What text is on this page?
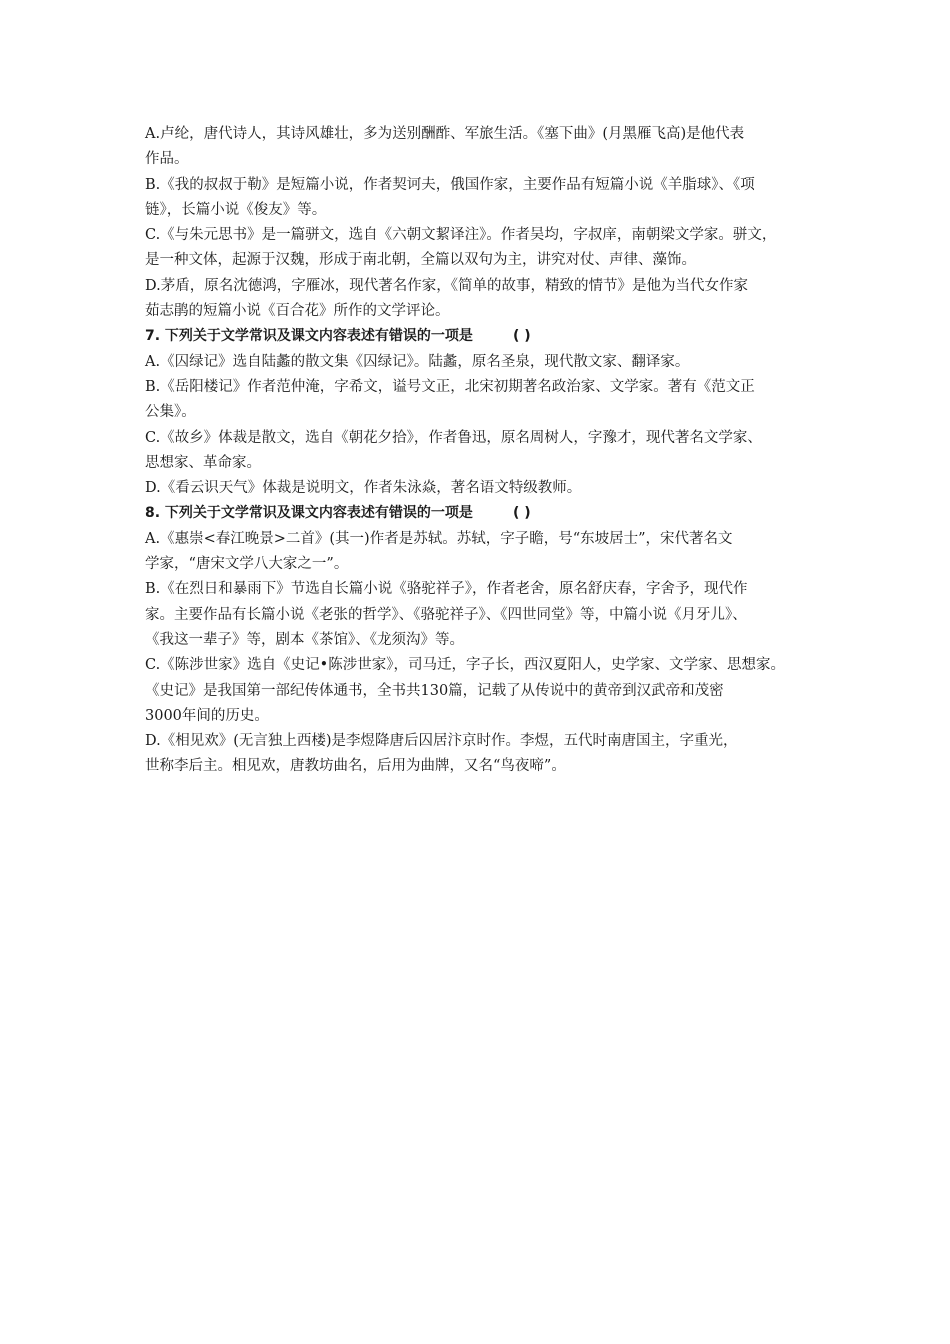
A.卢纶，唐代诗人，其诗风雄壮，多为送别酬酢、军旅生活。《塞下曲》(月黑雁飞高)是他代表
作品。
B.《我的叔叔于勒》是短篇小说，作者契诃夫，俄国作家，主要作品有短篇小说《羊脂球》、《项
链》，长篇小说《俊友》等。
C.《与朱元思书》是一篇骈文，选自《六朝文絜译注》。作者吴均，字叔庠，南朝梁文学家。骈文，
是一种文体，起源于汉魏，形成于南北朝，全篇以双句为主，讲究对仗、声律、藻饰。
D.茅盾，原名沈德鸿，字雁冰，现代著名作家，《简单的故事，精致的情节》是他为当代女作家
茹志鹃的短篇小说《百合花》所作的文学评论。
7. 下列关于文学常识及课文内容表述有错误的一项是	( )
A.《囚绿记》选自陆蠡的散文集《囚绿记》。陆蠡，原名圣泉，现代散文家、翻译家。
B.《岳阳楼记》作者范仲淹，字希文，谥号文正，北宋初期著名政治家、文学家。著有《范文正
公集》。
C.《故乡》体裁是散文，选自《朝花夕拾》，作者鲁迅，原名周树人，字豫才，现代著名文学家、
思想家、革命家。
D.《看云识天气》体裁是说明文，作者朱泳焱，著名语文特级教师。
8. 下列关于文学常识及课文内容表述有错误的一项是	( )
A.《惠崇<春江晚景>二首》(其一)作者是苏轼。苏轼，字子瞻，号“东坡居士”，宋代著名文
学家，“唐宋文学八大家之一”。
B.《在烈日和暴雨下》节选自长篇小说《骆驼祥子》，作者老舍，原名舒庆春，字舍予，现代作
家。主要作品有长篇小说《老张的哲学》、《骆驼祥子》、《四世同堂》等，中篇小说《月牙儿》、
《我这一辈子》等，剧本《茶馆》、《龙须沟》等。
C.《陈涉世家》选自《史记•陈涉世家》，司马迁，字子长，西汉夏阳人，史学家、文学家、思想家。
《史记》是我国第一部纪传体通书，全书共130篇，记载了从传说中的黄帝到汉武帝和茂密
3000年间的历史。
D.《相见欢》(无言独上西楼)是李煜降唐后囚居汴京时作。李煜，五代时南唐国主，字重光，
世称李后主。相见欢，唐教坊曲名，后用为曲牌，又名“鸟夜啼”。
